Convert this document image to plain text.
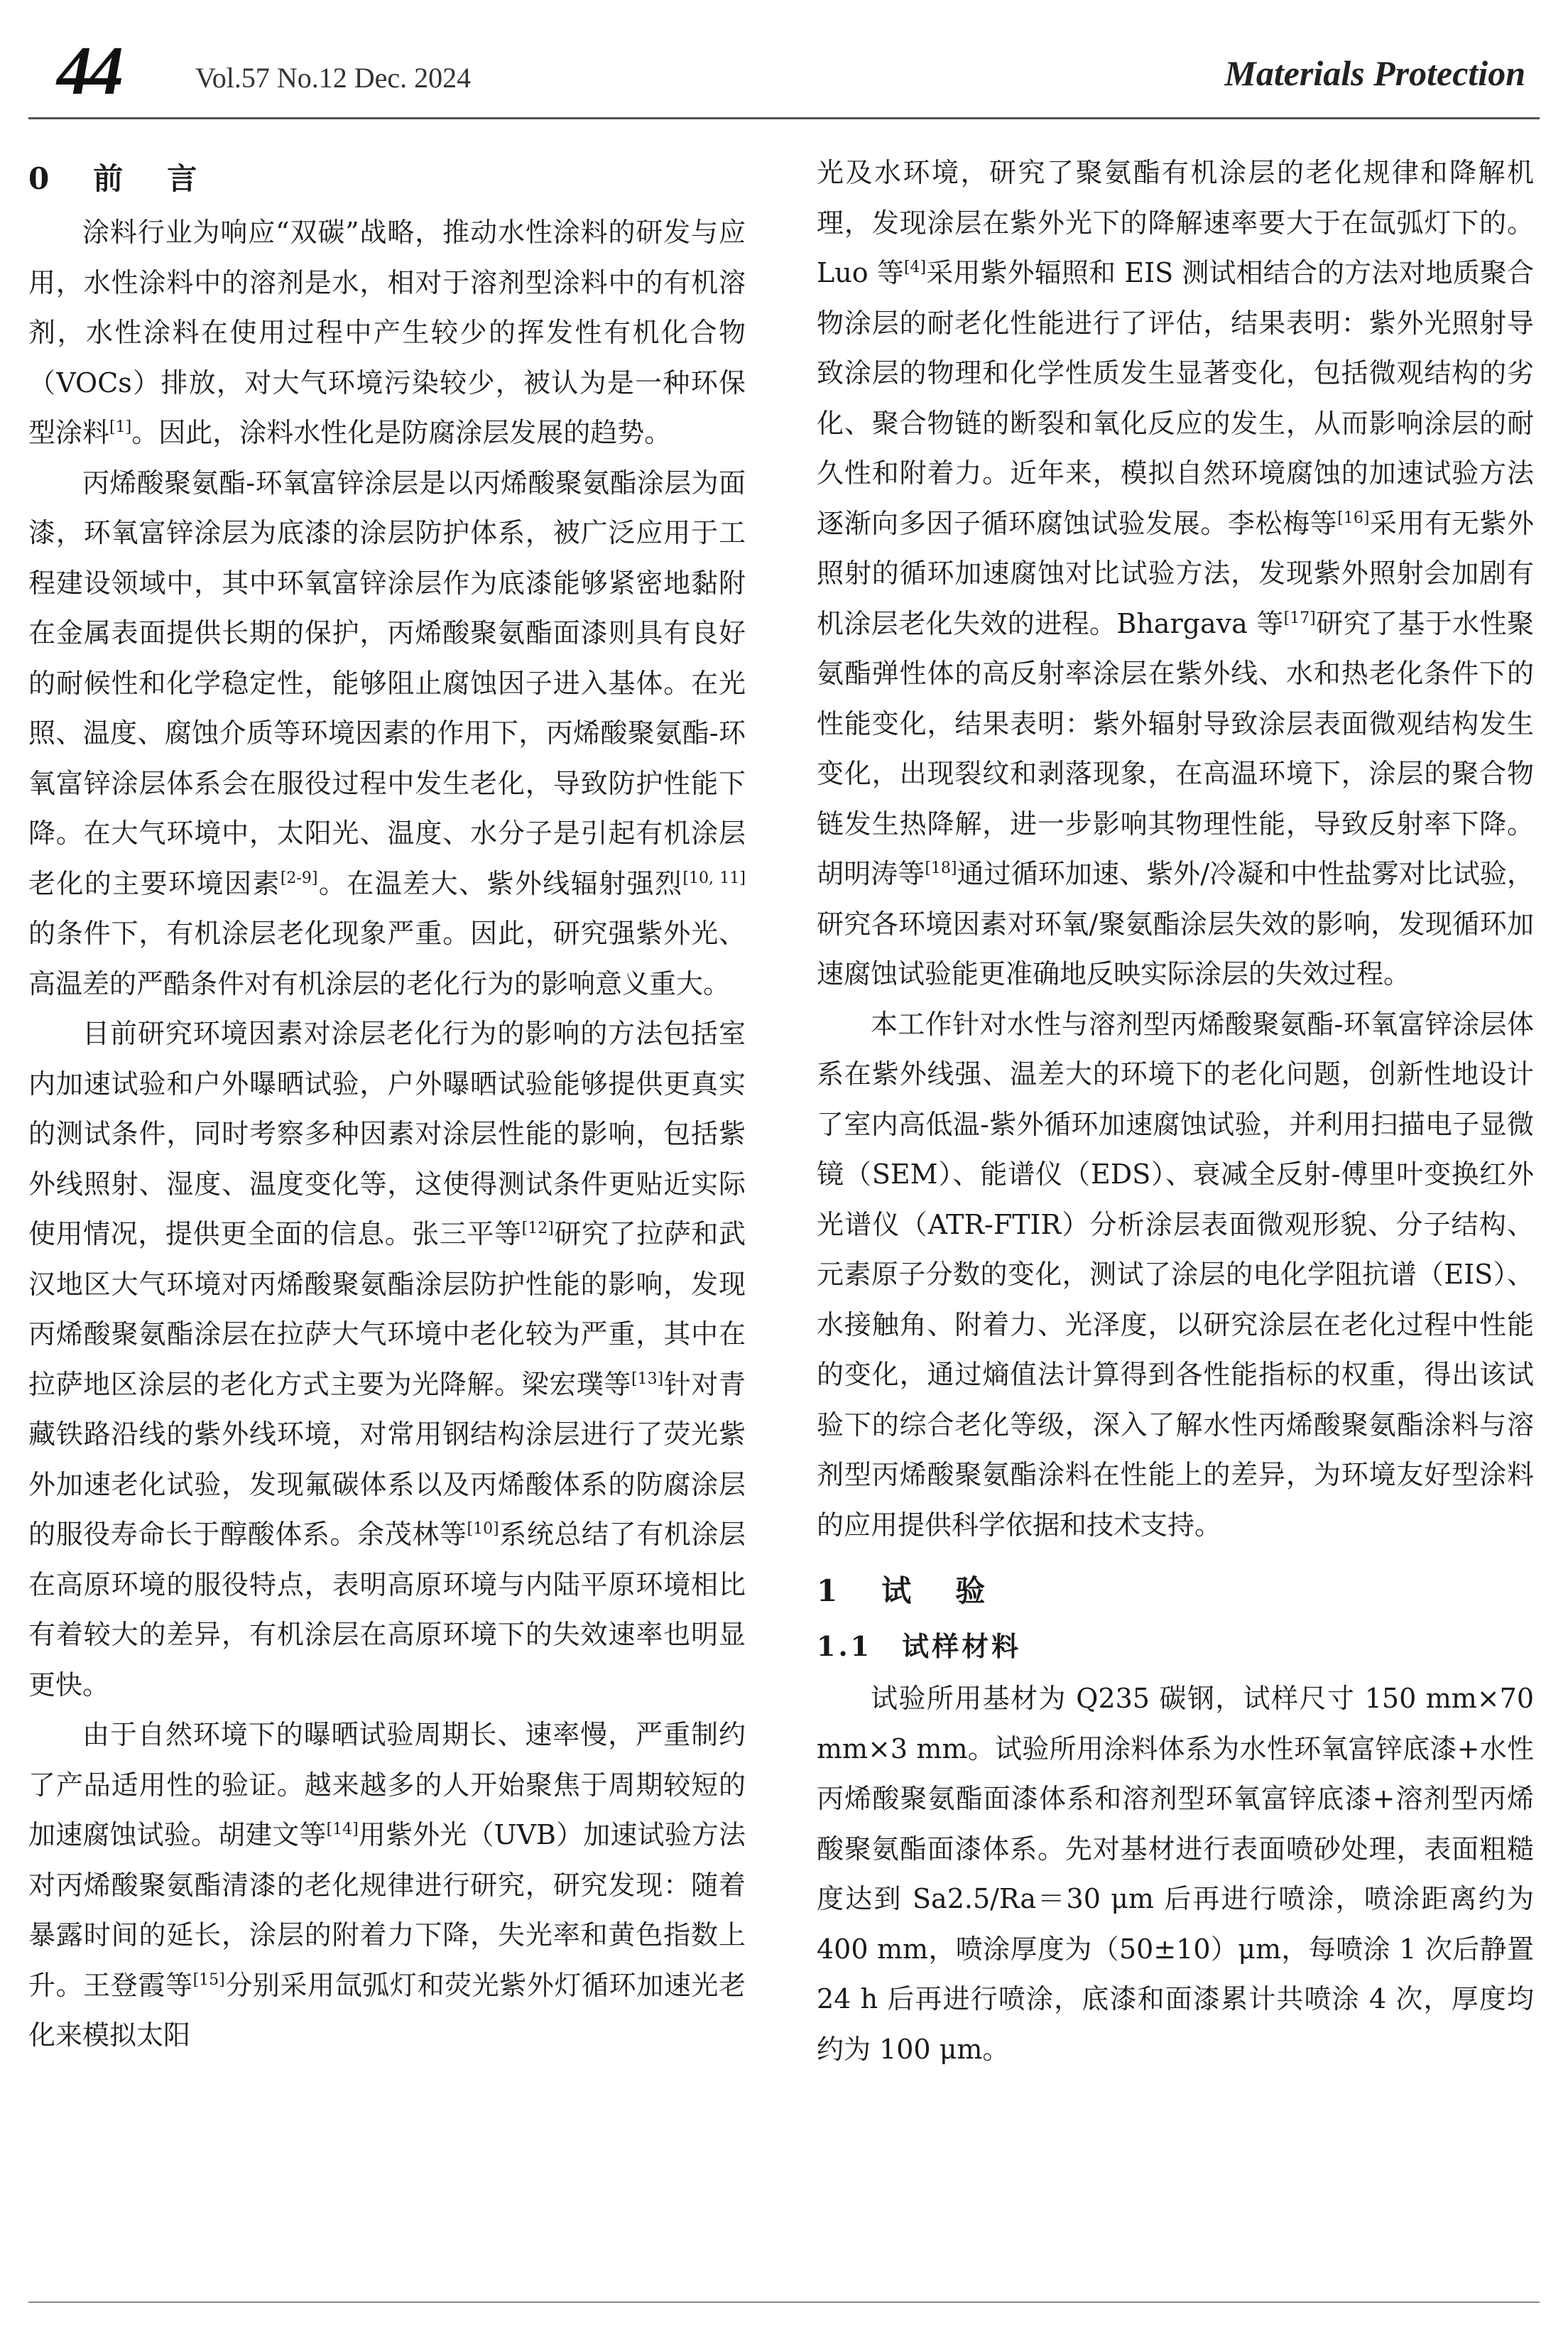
44	Vol.57 No.12 Dec. 2024	Materials Protection
0　前　言

涂料行业为响应“双碳”战略，推动水性涂料的研发与应用，水性涂料中的溶剂是水，相对于溶剂型涂料中的有机溶剂，水性涂料在使用过程中产生较少的挥发性有机化合物（VOCs）排放，对大气环境污染较少，被认为是一种环保型涂料[1]。因此，涂料水性化是防腐涂层发展的趋势。

丙烯酸聚氨酯-环氧富锌涂层是以丙烯酸聚氨酯涂层为面漆，环氧富锌涂层为底漆的涂层防护体系，被广泛应用于工程建设领域中，其中环氧富锌涂层作为底漆能够紧密地黏附在金属表面提供长期的保护，丙烯酸聚氨酯面漆则具有良好的耐候性和化学稳定性，能够阻止腐蚀因子进入基体。在光照、温度、腐蚀介质等环境因素的作用下，丙烯酸聚氨酯-环氧富锌涂层体系会在服役过程中发生老化，导致防护性能下降。在大气环境中，太阳光、温度、水分子是引起有机涂层老化的主要环境因素[2-9]。在温差大、紫外线辐射强烈[10, 11]的条件下，有机涂层老化现象严重。因此，研究强紫外光、高温差的严酷条件对有机涂层的老化行为的影响意义重大。

目前研究环境因素对涂层老化行为的影响的方法包括室内加速试验和户外曝晒试验，户外曝晒试验能够提供更真实的测试条件，同时考察多种因素对涂层性能的影响，包括紫外线照射、湿度、温度变化等，这使得测试条件更贴近实际使用情况，提供更全面的信息。张三平等[12]研究了拉萨和武汉地区大气环境对丙烯酸聚氨酯涂层防护性能的影响，发现丙烯酸聚氨酯涂层在拉萨大气环境中老化较为严重，其中在拉萨地区涂层的老化方式主要为光降解。梁宏璞等[13]针对青藏铁路沿线的紫外线环境，对常用钢结构涂层进行了荧光紫外加速老化试验，发现氟碳体系以及丙烯酸体系的防腐涂层的服役寿命长于醇酸体系。余茂林等[10]系统总结了有机涂层在高原环境的服役特点，表明高原环境与内陆平原环境相比有着较大的差异，有机涂层在高原环境下的失效速率也明显更快。

由于自然环境下的曝晒试验周期长、速率慢，严重制约了产品适用性的验证。越来越多的人开始聚焦于周期较短的加速腐蚀试验。胡建文等[14]用紫外光（UVB）加速试验方法对丙烯酸聚氨酯清漆的老化规律进行研究，研究发现：随着暴露时间的延长，涂层的附着力下降，失光率和黄色指数上升。王登霞等[15]分别采用氙弧灯和荧光紫外灯循环加速光老化来模拟太阳

光及水环境，研究了聚氨酯有机涂层的老化规律和降解机理，发现涂层在紫外光下的降解速率要大于在氙弧灯下的。Luo 等[4]采用紫外辐照和 EIS 测试相结合的方法对地质聚合物涂层的耐老化性能进行了评估，结果表明：紫外光照射导致涂层的物理和化学性质发生显著变化，包括微观结构的劣化、聚合物链的断裂和氧化反应的发生，从而影响涂层的耐久性和附着力。近年来，模拟自然环境腐蚀的加速试验方法逐渐向多因子循环腐蚀试验发展。李松梅等[16]采用有无紫外照射的循环加速腐蚀对比试验方法，发现紫外照射会加剧有机涂层老化失效的进程。Bhargava 等[17]研究了基于水性聚氨酯弹性体的高反射率涂层在紫外线、水和热老化条件下的性能变化，结果表明：紫外辐射导致涂层表面微观结构发生变化，出现裂纹和剥落现象，在高温环境下，涂层的聚合物链发生热降解，进一步影响其物理性能，导致反射率下降。胡明涛等[18]通过循环加速、紫外/冷凝和中性盐雾对比试验，研究各环境因素对环氧/聚氨酯涂层失效的影响，发现循环加速腐蚀试验能更准确地反映实际涂层的失效过程。

本工作针对水性与溶剂型丙烯酸聚氨酯-环氧富锌涂层体系在紫外线强、温差大的环境下的老化问题，创新性地设计了室内高低温-紫外循环加速腐蚀试验，并利用扫描电子显微镜（SEM）、能谱仪（EDS）、衰减全反射-傅里叶变换红外光谱仪（ATR-FTIR）分析涂层表面微观形貌、分子结构、元素原子分数的变化，测试了涂层的电化学阻抗谱（EIS）、水接触角、附着力、光泽度，以研究涂层在老化过程中性能的变化，通过熵值法计算得到各性能指标的权重，得出该试验下的综合老化等级，深入了解水性丙烯酸聚氨酯涂料与溶剂型丙烯酸聚氨酯涂料在性能上的差异，为环境友好型涂料的应用提供科学依据和技术支持。

1　试　验
1.1　试样材料

试验所用基材为 Q235 碳钢，试样尺寸 150 mm×70 mm×3 mm。试验所用涂料体系为水性环氧富锌底漆+水性丙烯酸聚氨酯面漆体系和溶剂型环氧富锌底漆+溶剂型丙烯酸聚氨酯面漆体系。先对基材进行表面喷砂处理，表面粗糙度达到 Sa2.5/Ra＝30 μm 后再进行喷涂，喷涂距离约为 400 mm，喷涂厚度为（50±10）μm，每喷涂 1 次后静置 24 h 后再进行喷涂，底漆和面漆累计共喷涂 4 次，厚度均约为 100 μm。
